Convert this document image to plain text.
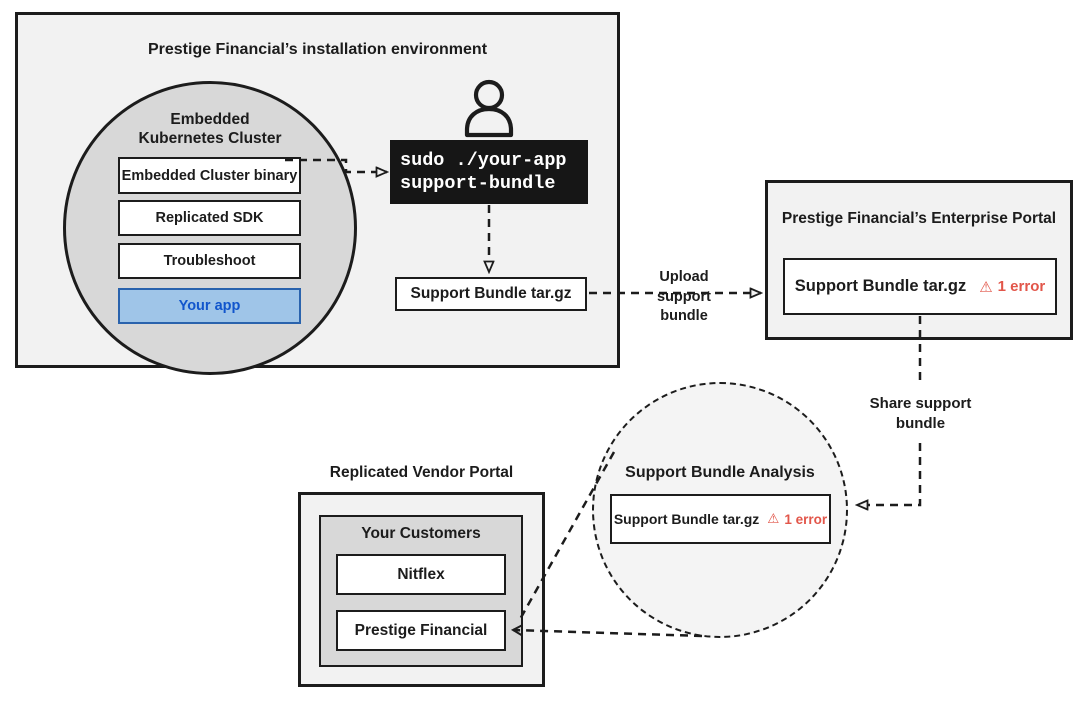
Prestige Financial’s installation environment
Embedded
Kubernetes Cluster
Embedded Cluster binary
Replicated SDK
Troubleshoot
Your app
sudo ./your-app
support-bundle
Support Bundle tar.gz
Upload
support
bundle
Prestige Financial’s Enterprise Portal
Support Bundle tar.gz ⚠ 1 error
Share support
bundle
Support Bundle Analysis
Support Bundle tar.gz ⚠ 1 error
Replicated Vendor Portal
Your Customers
Nitflex
Prestige Financial
